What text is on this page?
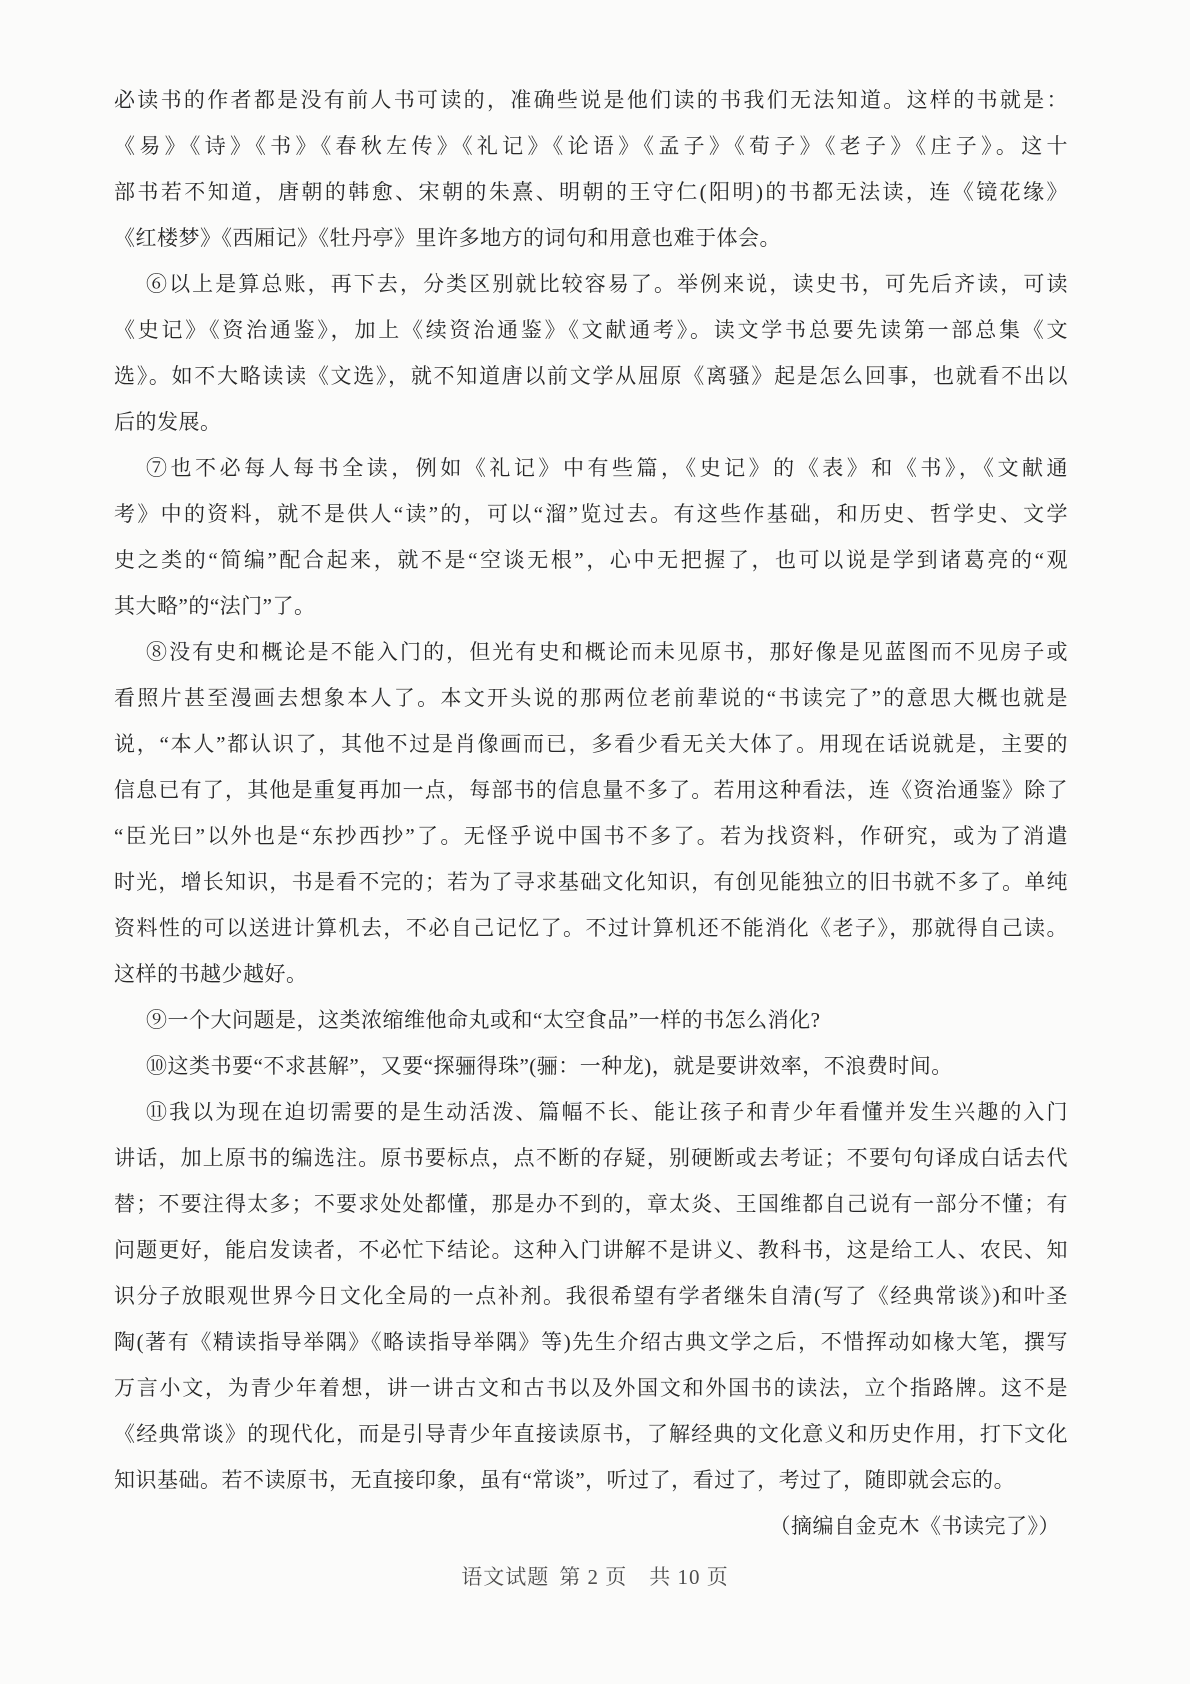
必读书的作者都是没有前人书可读的，准确些说是他们读的书我们无法知道。这样的书就是：
《易》《诗》《书》《春秋左传》《礼记》《论语》《孟子》《荀子》《老子》《庄子》。这十
部书若不知道，唐朝的韩愈、宋朝的朱熹、明朝的王守仁(阳明)的书都无法读，连《镜花缘》
《红楼梦》《西厢记》《牡丹亭》里许多地方的词句和用意也难于体会。
⑥以上是算总账，再下去，分类区别就比较容易了。举例来说，读史书，可先后齐读，可读
《史记》《资治通鉴》，加上《续资治通鉴》《文献通考》。读文学书总要先读第一部总集《文
选》。如不大略读读《文选》，就不知道唐以前文学从屈原《离骚》起是怎么回事，也就看不出以
后的发展。
⑦也不必每人每书全读，例如《礼记》中有些篇，《史记》的《表》和《书》，《文献通
考》中的资料，就不是供人“读”的，可以“溜”览过去。有这些作基础，和历史、哲学史、文学
史之类的“简编”配合起来，就不是“空谈无根”，心中无把握了，也可以说是学到诸葛亮的“观
其大略”的“法门”了。
⑧没有史和概论是不能入门的，但光有史和概论而未见原书，那好像是见蓝图而不见房子或
看照片甚至漫画去想象本人了。本文开头说的那两位老前辈说的“书读完了”的意思大概也就是
说，“本人”都认识了，其他不过是肖像画而已，多看少看无关大体了。用现在话说就是，主要的
信息已有了，其他是重复再加一点，每部书的信息量不多了。若用这种看法，连《资治通鉴》除了
“臣光曰”以外也是“东抄西抄”了。无怪乎说中国书不多了。若为找资料，作研究，或为了消遣
时光，增长知识，书是看不完的；若为了寻求基础文化知识，有创见能独立的旧书就不多了。单纯
资料性的可以送进计算机去，不必自己记忆了。不过计算机还不能消化《老子》，那就得自己读。
这样的书越少越好。
⑨一个大问题是，这类浓缩维他命丸或和“太空食品”一样的书怎么消化?
⑩这类书要“不求甚解”，又要“探骊得珠”(骊：一种龙)，就是要讲效率，不浪费时间。
⑪我以为现在迫切需要的是生动活泼、篇幅不长、能让孩子和青少年看懂并发生兴趣的入门
讲话，加上原书的编选注。原书要标点，点不断的存疑，别硬断或去考证；不要句句译成白话去代
替；不要注得太多；不要求处处都懂，那是办不到的，章太炎、王国维都自己说有一部分不懂；有
问题更好，能启发读者，不必忙下结论。这种入门讲解不是讲义、教科书，这是给工人、农民、知
识分子放眼观世界今日文化全局的一点补剂。我很希望有学者继朱自清(写了《经典常谈》)和叶圣
陶(著有《精读指导举隅》《略读指导举隅》等)先生介绍古典文学之后，不惜挥动如椽大笔，撰写
万言小文，为青少年着想，讲一讲古文和古书以及外国文和外国书的读法，立个指路牌。这不是
《经典常谈》的现代化，而是引导青少年直接读原书，了解经典的文化意义和历史作用，打下文化
知识基础。若不读原书，无直接印象，虽有“常谈”，听过了，看过了，考过了，随即就会忘的。
（摘编自金克木《书读完了》）
语文试题 第 2 页 共 10 页
